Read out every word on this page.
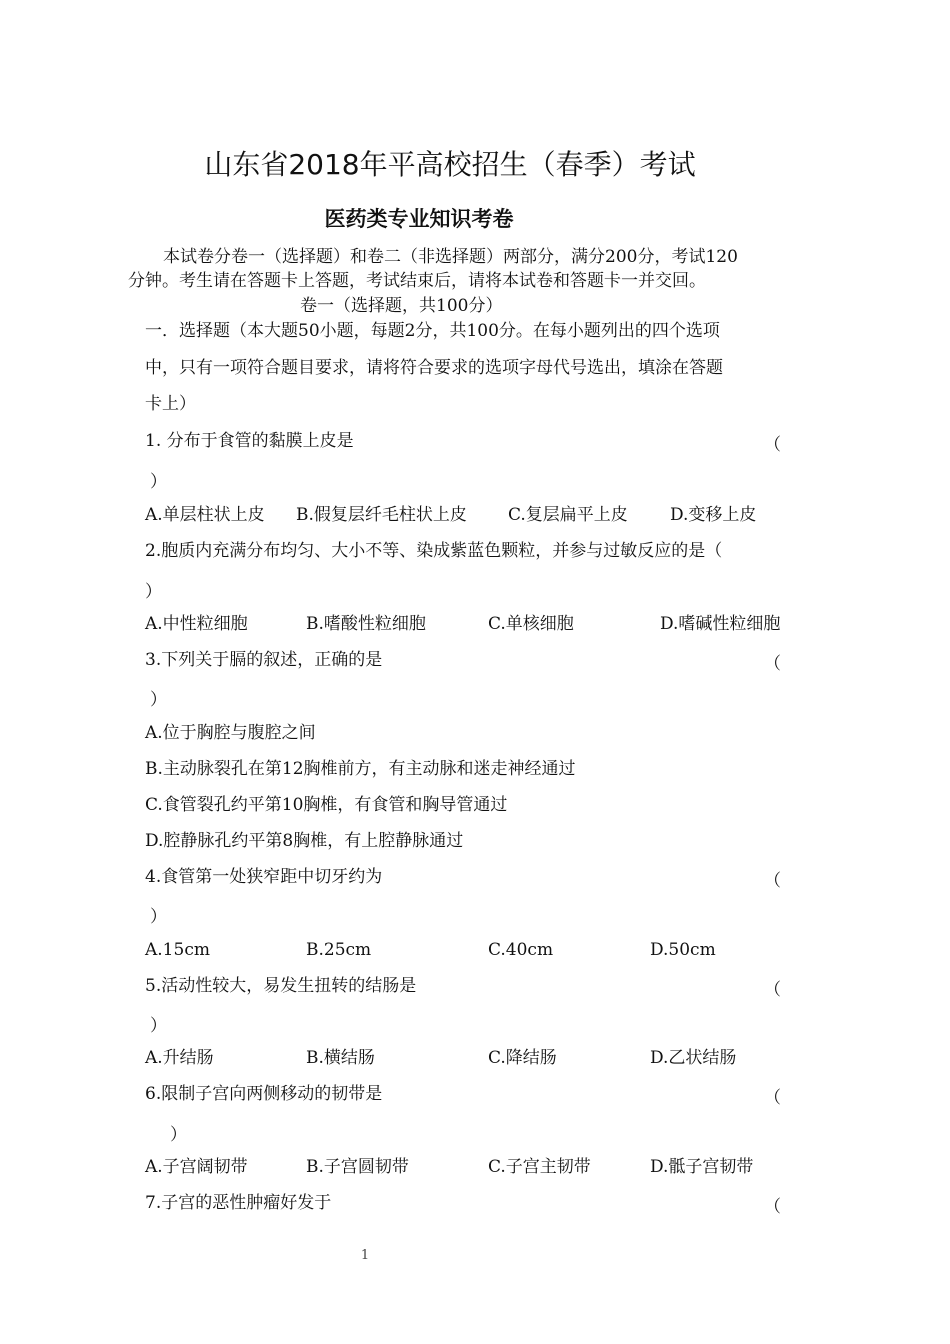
山东省2018年平高校招生（春季）考试
医药类专业知识考卷
本试卷分卷一（选择题）和卷二（非选择题）两部分，满分200分，考试120
分钟。考生请在答题卡上答题，考试结束后，请将本试卷和答题卡一并交回。
卷一（选择题，共100分）
一．选择题（本大题50小题，每题2分，共100分。在每小题列出的四个选项
中，只有一项符合题目要求，请将符合要求的选项字母代号选出，填涂在答题
卡上）
1. 分布于食管的黏膜上皮是	（
）
A.单层柱状上皮 B.假复层纤毛柱状上皮 C.复层扁平上皮 D.变移上皮
2.胞质内充满分布均匀、大小不等、染成紫蓝色颗粒，并参与过敏反应的是（
）
A.中性粒细胞	B.嗜酸性粒细胞	C.单核细胞	D.嗜碱性粒细胞
3.下列关于膈的叙述，正确的是	（
）
A.位于胸腔与腹腔之间
B.主动脉裂孔在第12胸椎前方，有主动脉和迷走神经通过
C.食管裂孔约平第10胸椎，有食管和胸导管通过
D.腔静脉孔约平第8胸椎，有上腔静脉通过
4.食管第一处狭窄距中切牙约为	（
）
A.15cm	B.25cm	C.40cm	D.50cm
5.活动性较大，易发生扭转的结肠是	（
）
A.升结肠	B.横结肠	C.降结肠	D.乙状结肠
6.限制子宫向两侧移动的韧带是	（
）
A.子宫阔韧带	B.子宫圆韧带	C.子宫主韧带	D.骶子宫韧带
7.子宫的恶性肿瘤好发于	（
1
